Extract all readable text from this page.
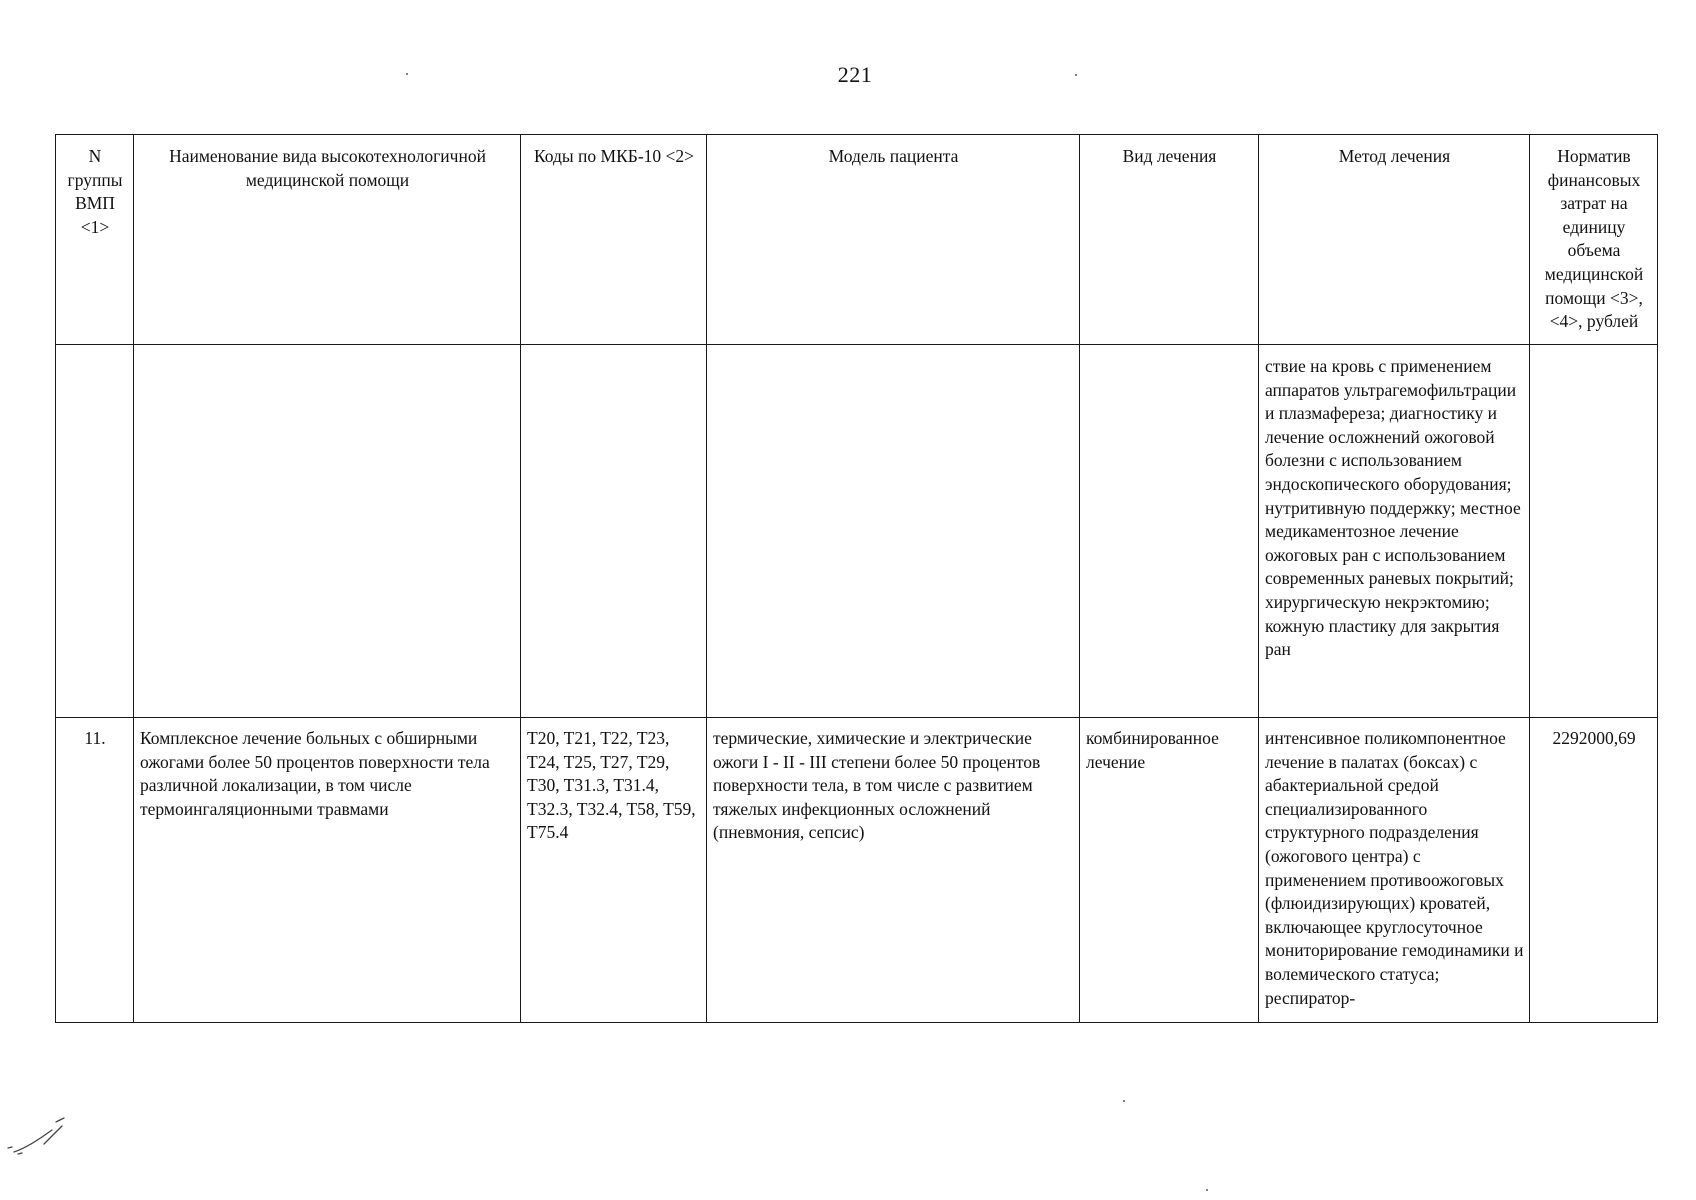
221
N группы ВМП <1>	Наименование вида высокотехнологичной медицинской помощи	Коды по МКБ-10 <2>	Модель пациента	Вид лечения	Метод лечения	Норматив финансовых затрат на единицу объема медицинской помощи <3>, <4>, рублей
					ствие на кровь с применением аппаратов ультрагемофильтрации и плазмафереза; диагностику и лечение осложнений ожоговой болезни с использованием эндоскопического оборудования; нутритивную поддержку; местное медикаментозное лечение ожоговых ран с использованием современных раневых покрытий; хирургическую некрэктомию; кожную пластику для закрытия ран	
11.	Комплексное лечение больных с обширными ожогами более 50 процентов поверхности тела различной локализации, в том числе термоингаляционными травмами	T20, T21, T22, T23, T24, T25, T27, T29, T30, T31.3, T31.4, T32.3, T32.4, T58, T59, T75.4	термические, химические и электрические ожоги I - II - III степени более 50 процентов поверхности тела, в том числе с развитием тяжелых инфекционных осложнений (пневмония, сепсис)	комбинированное лечение	интенсивное поликомпонентное лечение в палатах (боксах) с абактериальной средой специализированного структурного подразделения (ожогового центра) с применением противоожоговых (флюидизирующих) кроватей, включающее круглосуточное мониторирование гемодинамики и волемического статуса; респиратор-	2292000,69
